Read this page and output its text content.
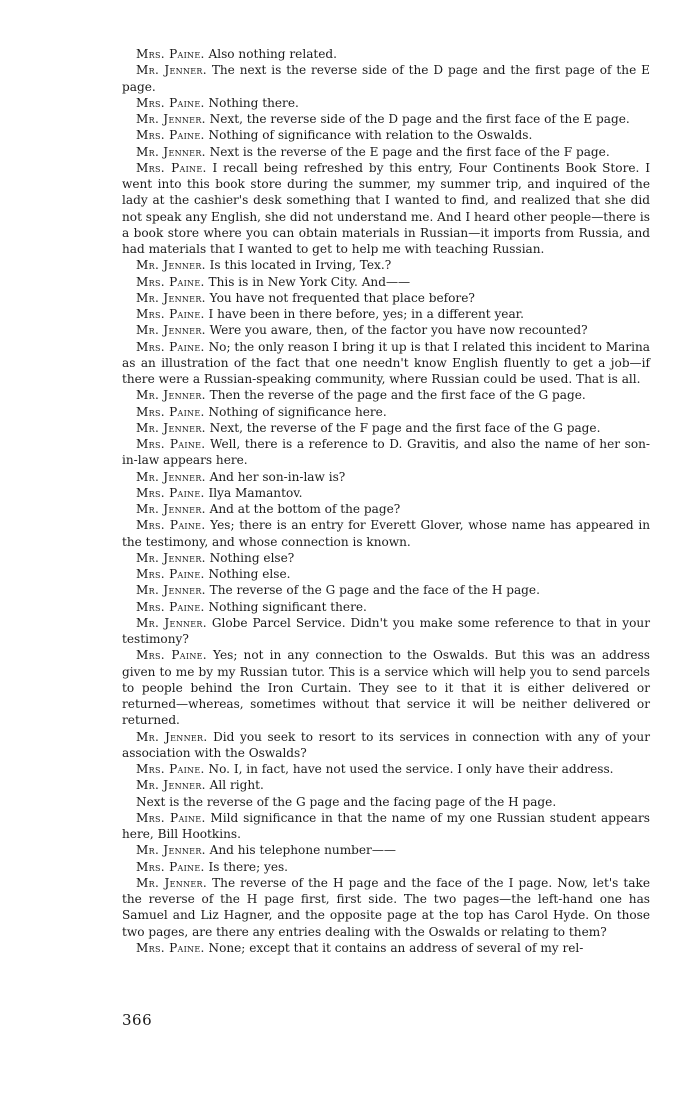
Mrs. Paine. Also nothing related.

Mr. Jenner. The next is the reverse side of the D page and the first page of the E page.

Mrs. Paine. Nothing there.

Mr. Jenner. Next, the reverse side of the D page and the first face of the E page.

Mrs. Paine. Nothing of significance with relation to the Oswalds.

Mr. Jenner. Next is the reverse of the E page and the first face of the F page.

Mrs. Paine. I recall being refreshed by this entry, Four Continents Book Store. I went into this book store during the summer, my summer trip, and inquired of the lady at the cashier's desk something that I wanted to find, and realized that she did not speak any English, she did not understand me. And I heard other people—there is a book store where you can obtain materials in Russian—it imports from Russia, and had materials that I wanted to get to help me with teaching Russian.

Mr. Jenner. Is this located in Irving, Tex.?

Mrs. Paine. This is in New York City. And——

Mr. Jenner. You have not frequented that place before?

Mrs. Paine. I have been in there before, yes; in a different year.

Mr. Jenner. Were you aware, then, of the factor you have now recounted?

Mrs. Paine. No; the only reason I bring it up is that I related this incident to Marina as an illustration of the fact that one needn't know English fluently to get a job—if there were a Russian-speaking community, where Russian could be used. That is all.

Mr. Jenner. Then the reverse of the page and the first face of the G page.

Mrs. Paine. Nothing of significance here.

Mr. Jenner. Next, the reverse of the F page and the first face of the G page.

Mrs. Paine. Well, there is a reference to D. Gravitis, and also the name of her son-in-law appears here.

Mr. Jenner. And her son-in-law is?

Mrs. Paine. Ilya Mamantov.

Mr. Jenner. And at the bottom of the page?

Mrs. Paine. Yes; there is an entry for Everett Glover, whose name has appeared in the testimony, and whose connection is known.

Mr. Jenner. Nothing else?

Mrs. Paine. Nothing else.

Mr. Jenner. The reverse of the G page and the face of the H page.

Mrs. Paine. Nothing significant there.

Mr. Jenner. Globe Parcel Service. Didn't you make some reference to that in your testimony?

Mrs. Paine. Yes; not in any connection to the Oswalds. But this was an address given to me by my Russian tutor. This is a service which will help you to send parcels to people behind the Iron Curtain. They see to it that it is either delivered or returned—whereas, sometimes without that service it will be neither delivered or returned.

Mr. Jenner. Did you seek to resort to its services in connection with any of your association with the Oswalds?

Mrs. Paine. No. I, in fact, have not used the service. I only have their address.

Mr. Jenner. All right.

Next is the reverse of the G page and the facing page of the H page.

Mrs. Paine. Mild significance in that the name of my one Russian student appears here, Bill Hootkins.

Mr. Jenner. And his telephone number——

Mrs. Paine. Is there; yes.

Mr. Jenner. The reverse of the H page and the face of the I page. Now, let's take the reverse of the H page first, first side. The two pages—the left-hand one has Samuel and Liz Hagner, and the opposite page at the top has Carol Hyde. On those two pages, are there any entries dealing with the Oswalds or relating to them?

Mrs. Paine. None; except that it contains an address of several of my rel-

366
